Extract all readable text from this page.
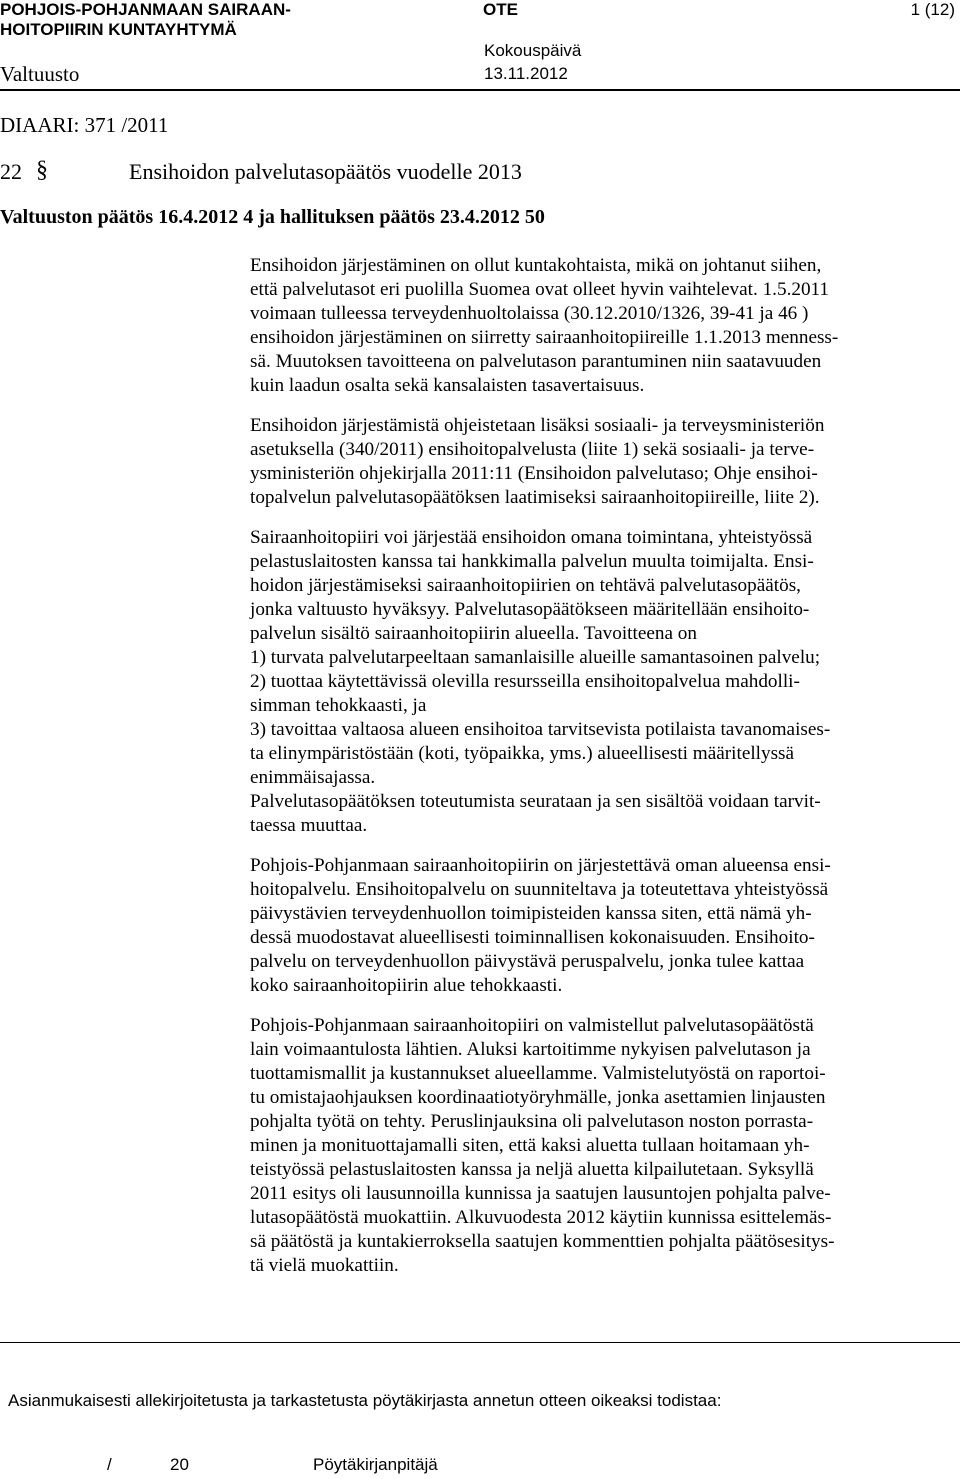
POHJOIS-POHJANMAAN SAIRAAN-
HOITOPIIRIN KUNTAYHTYMÄ
OTE	1 (12)
Valtuusto
Kokouspäivä
13.11.2012
DIAARI: 371 /2011
22 §	Ensihoidon palvelutasopäätös vuodelle 2013
Valtuuston päätös 16.4.2012 4 ja hallituksen päätös 23.4.2012 50
Ensihoidon järjestäminen on ollut kuntakohtaista, mikä on johtanut siihen,
että palvelutasot eri puolilla Suomea ovat olleet hyvin vaihtelevat. 1.5.2011
voimaan tulleessa terveydenhuoltolaissa (30.12.2010/1326, 39-41 ja 46 )
ensihoidon järjestäminen on siirretty sairaanhoitopiireille 1.1.2013 menness-
sä. Muutoksen tavoitteena on palvelutason parantuminen niin saatavuuden
kuin laadun osalta sekä kansalaisten tasavertaisuus.
Ensihoidon järjestämistä ohjeistetaan lisäksi sosiaali- ja terveysministeriön
asetuksella (340/2011) ensihoitopalvelusta (liite 1) sekä sosiaali- ja terve-
ysministeriön ohjekirjalla 2011:11 (Ensihoidon palvelutaso; Ohje ensihoi-
topalvelun palvelutasopäätöksen laatimiseksi sairaanhoitopiireille, liite 2).
Sairaanhoitopiiri voi järjestää ensihoidon omana toimintana, yhteistyössä
pelastuslaitosten kanssa tai hankkimalla palvelun muulta toimijalta. Ensi-
hoidon järjestämiseksi sairaanhoitopiirien on tehtävä palvelutasopäätös,
jonka valtuusto hyväksyy. Palvelutasopäätökseen määritellään ensihoito-
palvelun sisältö sairaanhoitopiirin alueella. Tavoitteena on
1) turvata palvelutarpeeltaan samanlaisille alueille samantasoinen palvelu;
2) tuottaa käytettävissä olevilla resursseilla ensihoitopalvelua mahdolli-
simman tehokkaasti, ja
3) tavoittaa valtaosa alueen ensihoitoa tarvitsevista potilaista tavanomaises-
ta elinympäristöstään (koti, työpaikka, yms.) alueellisesti määritellyssä
enimmäisajassa.
Palvelutasopäätöksen toteutumista seurataan ja sen sisältöä voidaan tarvit-
taessa muuttaa.
Pohjois-Pohjanmaan sairaanhoitopiirin on järjestettävä oman alueensa ensi-
hoitopalvelu. Ensihoitopalvelu on suunniteltava ja toteutettava yhteistyössä
päivystävien terveydenhuollon toimipisteiden kanssa siten, että nämä yh-
dessä muodostavat alueellisesti toiminnallisen kokonaisuuden. Ensihoito-
palvelu on terveydenhuollon päivystävä peruspalvelu, jonka tulee kattaa
koko sairaanhoitopiirin alue tehokkaasti.
Pohjois-Pohjanmaan sairaanhoitopiiri on valmistellut palvelutasopäätöstä
lain voimaantulosta lähtien. Aluksi kartoitimme nykyisen palvelutason ja
tuottamismallit ja kustannukset alueellamme. Valmistelutyöstä on raportoi-
tu omistajaohjauksen koordinaatiotyöryhmälle, jonka asettamien linjausten
pohjalta työtä on tehty. Peruslinjauksina oli palvelutason noston porrasta-
minen ja monituottajamalli siten, että kaksi aluetta tullaan hoitamaan yh-
teistyössä pelastuslaitosten kanssa ja neljä aluetta kilpailutetaan. Syksyllä
2011 esitys oli lausunnoilla kunnissa ja saatujen lausuntojen pohjalta palve-
lutasopäätöstä muokattiin. Alkuvuodesta 2012 käytiin kunnissa esittelemäs-
sä päätöstä ja kuntakierroksella saatujen kommenttien pohjalta päätösesitys-
tä vielä muokattiin.
Asianmukaisesti allekirjoitetusta ja tarkastetusta pöytäkirjasta annetun otteen oikeaksi todistaa:
/	20	Pöytäkirjanpitäjä
